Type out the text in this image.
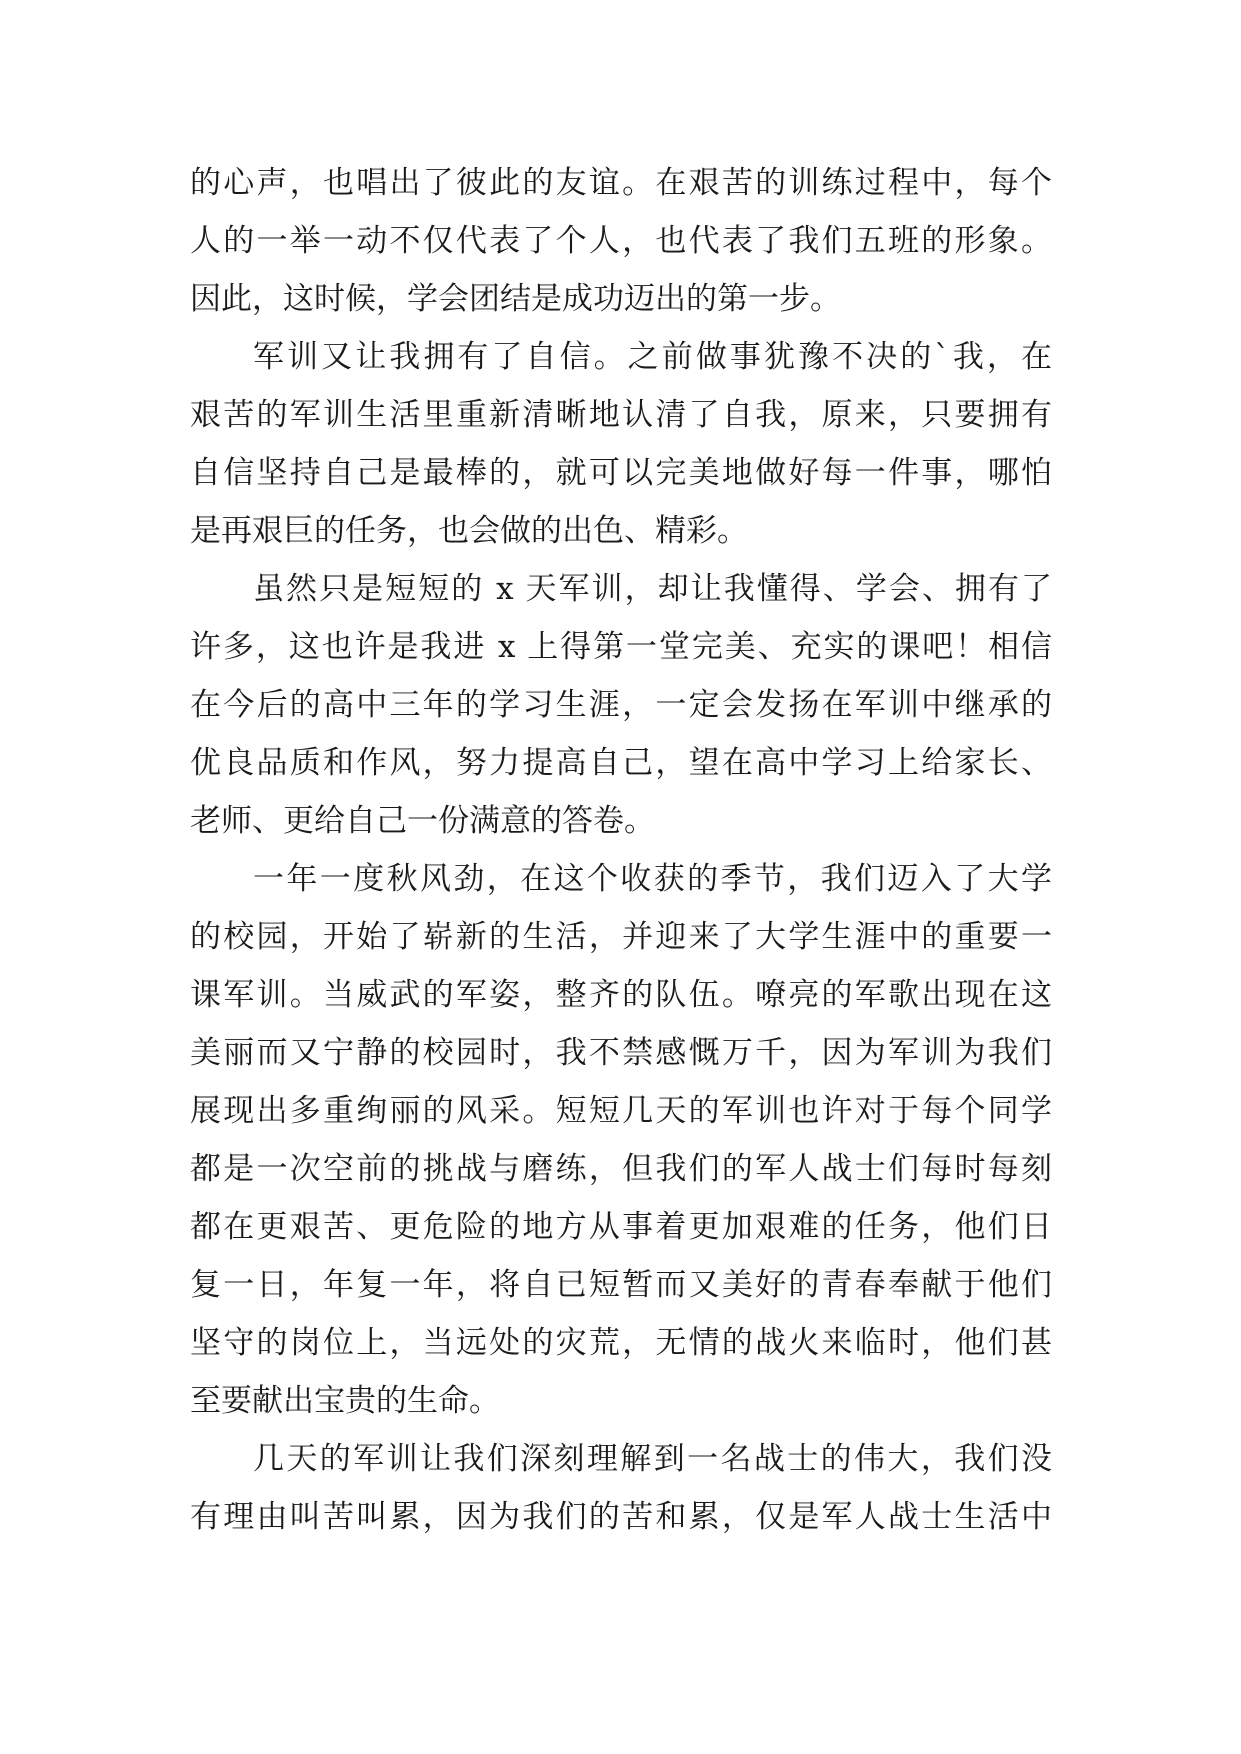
的心声，也唱出了彼此的友谊。在艰苦的训练过程中，每个
人的一举一动不仅代表了个人，也代表了我们五班的形象。
因此，这时候，学会团结是成功迈出的第一步。
军训又让我拥有了自信。之前做事犹豫不决的`我，在
艰苦的军训生活里重新清晰地认清了自我，原来，只要拥有
自信坚持自己是最棒的，就可以完美地做好每一件事，哪怕
是再艰巨的任务，也会做的出色、精彩。
虽然只是短短的 x 天军训，却让我懂得、学会、拥有了
许多，这也许是我进 x 上得第一堂完美、充实的课吧！相信
在今后的高中三年的学习生涯，一定会发扬在军训中继承的
优良品质和作风，努力提高自己，望在高中学习上给家长、
老师、更给自己一份满意的答卷。
一年一度秋风劲，在这个收获的季节，我们迈入了大学
的校园，开始了崭新的生活，并迎来了大学生涯中的重要一
课军训。当威武的军姿，整齐的队伍。嘹亮的军歌出现在这
美丽而又宁静的校园时，我不禁感慨万千，因为军训为我们
展现出多重绚丽的风采。短短几天的军训也许对于每个同学
都是一次空前的挑战与磨练，但我们的军人战士们每时每刻
都在更艰苦、更危险的地方从事着更加艰难的任务，他们日
复一日，年复一年，将自已短暂而又美好的青春奉献于他们
坚守的岗位上，当远处的灾荒，无情的战火来临时，他们甚
至要献出宝贵的生命。
几天的军训让我们深刻理解到一名战士的伟大，我们没
有理由叫苦叫累，因为我们的苦和累，仅是军人战士生活中
